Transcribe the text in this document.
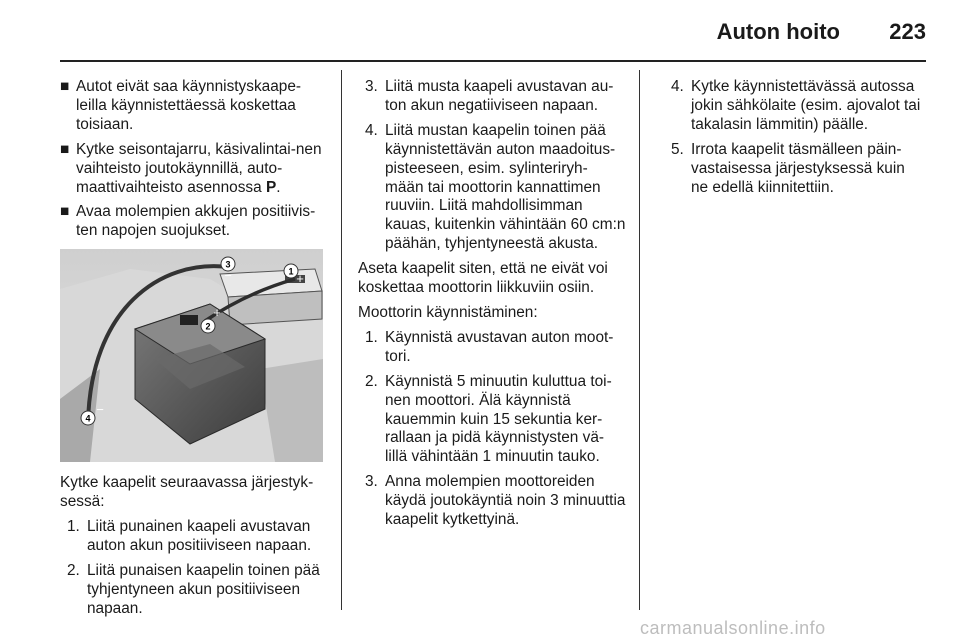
Auton hoito 223
■ Autot eivät saa käynnistyskaape-leilla käynnistettäessä koskettaa toisiaan.
■ Kytke seisontajarru, käsivalintai-nen vaihteisto joutokäynnillä, auto-maattivaihteisto asennossa P.
■ Avaa molempien akkujen positiivis-ten napojen suojukset.
1
2
3
4
+
+
−
−

Kytke kaapelit seuraavassa järjestyk-sessä:

1. Liitä punainen kaapeli avustavan auton akun positiiviseen napaan.
2. Liitä punaisen kaapelin toinen pää tyhjentyneen akun positiiviseen napaan.
3. Liitä musta kaapeli avustavan au-ton akun negatiiviseen napaan.
4. Liitä mustan kaapelin toinen pää käynnistettävän auton maadoitus-pisteeseen, esim. sylinteriryh-mään tai moottorin kannattimen ruuviin. Liitä mahdollisimman kauas, kuitenkin vähintään 60 cm:n päähän, tyhjentyneestä akusta.

Aseta kaapelit siten, että ne eivät voi koskettaa moottorin liikkuviin osiin.

Moottorin käynnistäminen:

1. Käynnistä avustavan auton moot-tori.
2. Käynnistä 5 minuutin kuluttua toi-nen moottori. Älä käynnistä kauemmin kuin 15 sekuntia ker-rallaan ja pidä käynnistysten vä-lillä vähintään 1 minuutin tauko.
3. Anna molempien moottoreiden käydä joutokäyntiä noin 3 minuuttia kaapelit kytkettyinä.
4. Kytke käynnistettävässä autossa jokin sähkölaite (esim. ajovalot tai takalasin lämmitin) päälle.
5. Irrota kaapelit täsmälleen päin-vastaisessa järjestyksessä kuin ne edellä kiinnitettiin.
carmanualsonline.info
